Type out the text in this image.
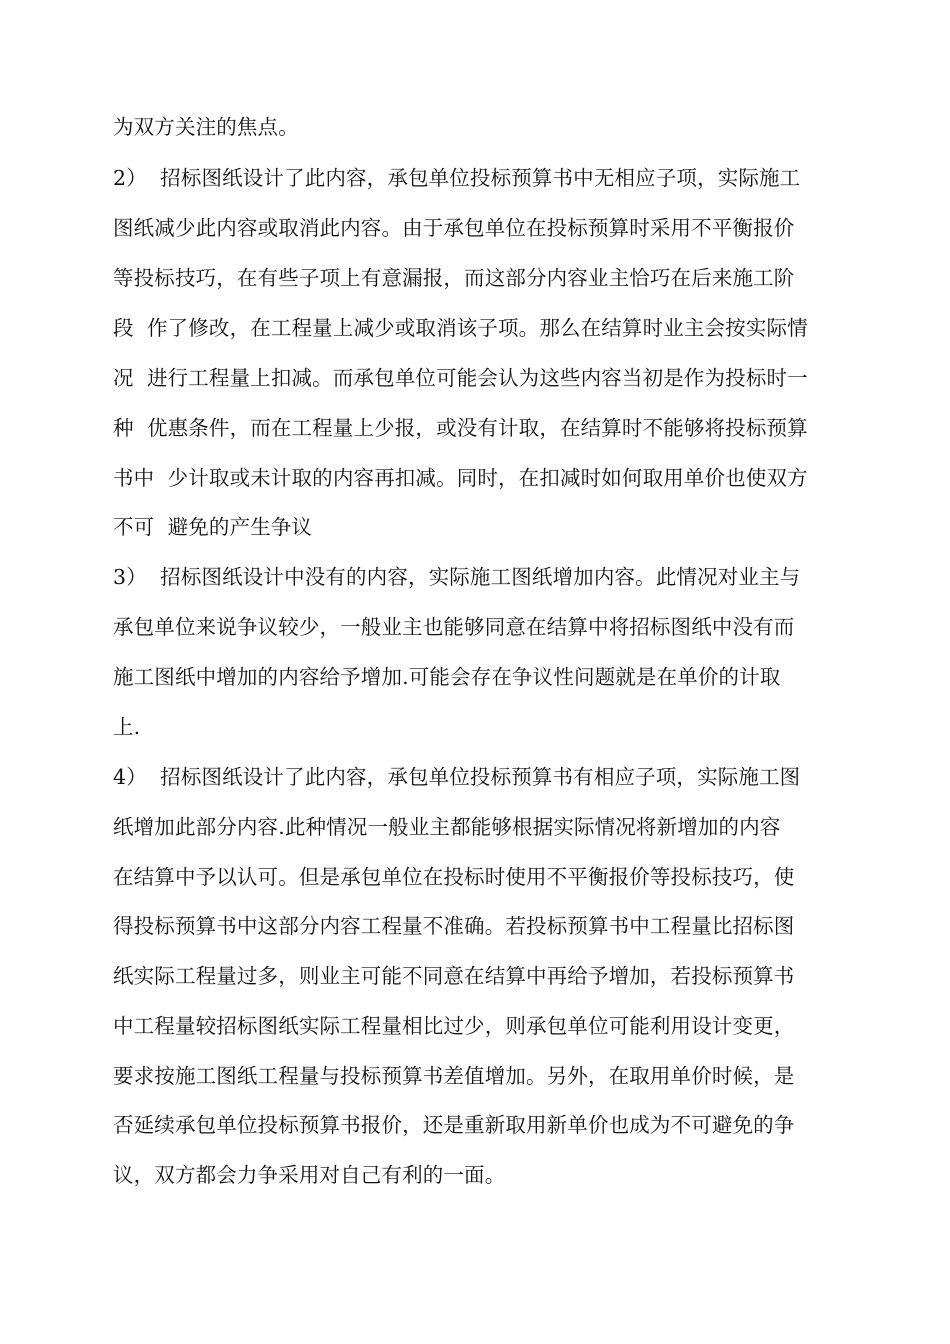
为双方关注的焦点。
2）  招标图纸设计了此内容，承包单位投标预算书中无相应子项，实际施工
图纸减少此内容或取消此内容。由于承包单位在投标预算时采用不平衡报价
等投标技巧，在有些子项上有意漏报，而这部分内容业主恰巧在后来施工阶
段  作了修改，在工程量上减少或取消该子项。那么在结算时业主会按实际情
况  进行工程量上扣减。而承包单位可能会认为这些内容当初是作为投标时一
种  优惠条件，而在工程量上少报，或没有计取，在结算时不能够将投标预算
书中  少计取或未计取的内容再扣减。同时，在扣减时如何取用单价也使双方
不可  避免的产生争议
3）  招标图纸设计中没有的内容，实际施工图纸增加内容。此情况对业主与
承包单位来说争议较少，一般业主也能够同意在结算中将招标图纸中没有而
施工图纸中增加的内容给予增加.可能会存在争议性问题就是在单价的计取
上.
4）  招标图纸设计了此内容，承包单位投标预算书有相应子项，实际施工图
纸增加此部分内容.此种情况一般业主都能够根据实际情况将新增加的内容
在结算中予以认可。但是承包单位在投标时使用不平衡报价等投标技巧，使
得投标预算书中这部分内容工程量不准确。若投标预算书中工程量比招标图
纸实际工程量过多，则业主可能不同意在结算中再给予增加，若投标预算书
中工程量较招标图纸实际工程量相比过少，则承包单位可能利用设计变更，
要求按施工图纸工程量与投标预算书差值增加。另外，在取用单价时候，是
否延续承包单位投标预算书报价，还是重新取用新单价也成为不可避免的争
议，双方都会力争采用对自己有利的一面。
